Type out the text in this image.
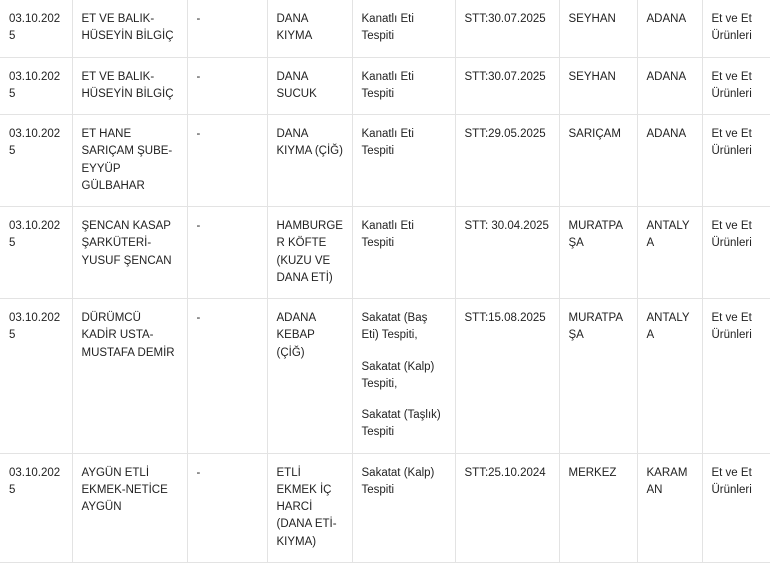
03.10.2025	ET VE BALIK-HÜSEYİN BİLGİÇ	-	DANA KIYMA	Kanatlı Eti Tespiti	STT:30.07.2025	SEYHAN	ADANA	Et ve Et Ürünleri
03.10.2025	ET VE BALIK-HÜSEYİN BİLGİÇ	-	DANA SUCUK	Kanatlı Eti Tespiti	STT:30.07.2025	SEYHAN	ADANA	Et ve Et Ürünleri
03.10.2025	ET HANE SARIÇAM ŞUBE-EYYÜP GÜLBAHAR	-	DANA KIYMA (ÇİĞ)	Kanatlı Eti Tespiti	STT:29.05.2025	SARIÇAM	ADANA	Et ve Et Ürünleri
03.10.2025	ŞENCAN KASAP ŞARKÜTERİ-YUSUF ŞENCAN	-	HAMBURGER KÖFTE (KUZU VE DANA ETİ)	Kanatlı Eti Tespiti	STT: 30.04.2025	MURATPAŞA	ANTALYA	Et ve Et Ürünleri
03.10.2025	DÜRÜMCÜ KADİR USTA-MUSTAFA DEMİR	-	ADANA KEBAP (ÇİĞ)	Sakatat (Baş Eti) Tespiti,

Sakatat (Kalp) Tespiti,

Sakatat (Taşlık) Tespiti	STT:15.08.2025	MURATPAŞA	ANTALYA	Et ve Et Ürünleri
03.10.2025	AYGÜN ETLİ EKMEK-NETİCE AYGÜN	-	ETLİ EKMEK İÇ HARCİ (DANA ETİ-KIYMA)	Sakatat (Kalp) Tespiti	STT:25.10.2024	MERKEZ	KARAMAN	Et ve Et Ürünleri
